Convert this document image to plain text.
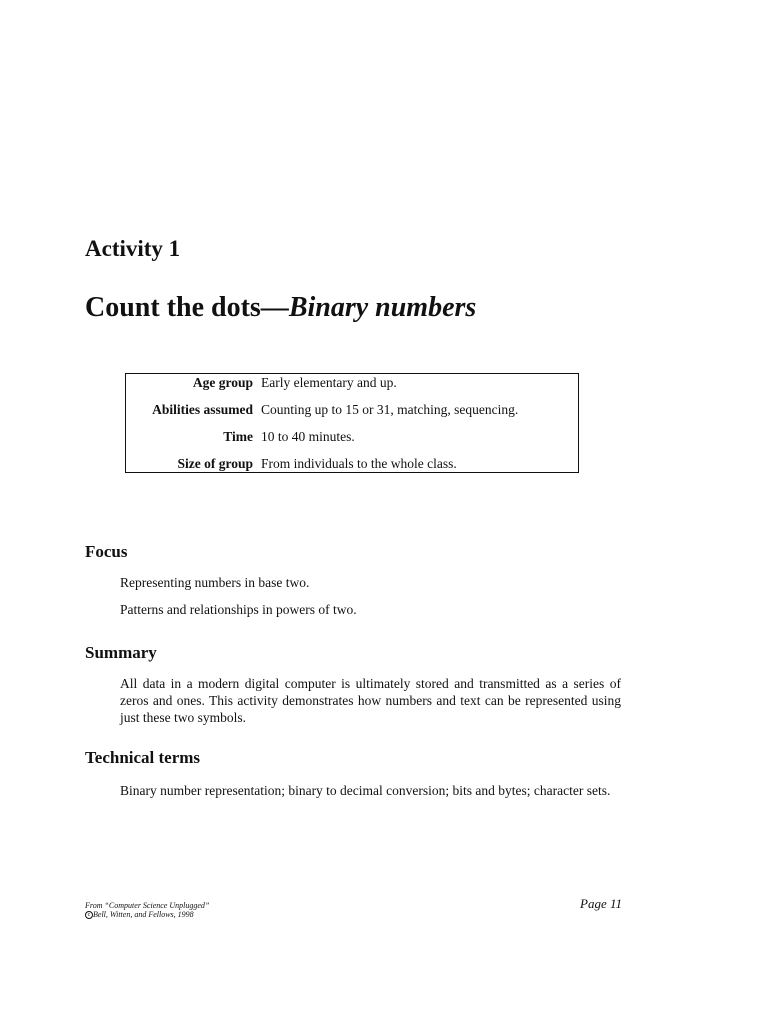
Activity 1
Count the dots—Binary numbers
Age group Early elementary and up.
Abilities assumed Counting up to 15 or 31, matching, sequencing.
Time 10 to 40 minutes.
Size of group From individuals to the whole class.
Focus
Representing numbers in base two.
Patterns and relationships in powers of two.
Summary
All data in a modern digital computer is ultimately stored and transmitted as a series of zeros and ones. This activity demonstrates how numbers and text can be represented using just these two symbols.
Technical terms
Binary number representation; binary to decimal conversion; bits and bytes; character sets.
From “Computer Science Unplugged”
c Bell, Witten, and Fellows, 1998
Page 11
